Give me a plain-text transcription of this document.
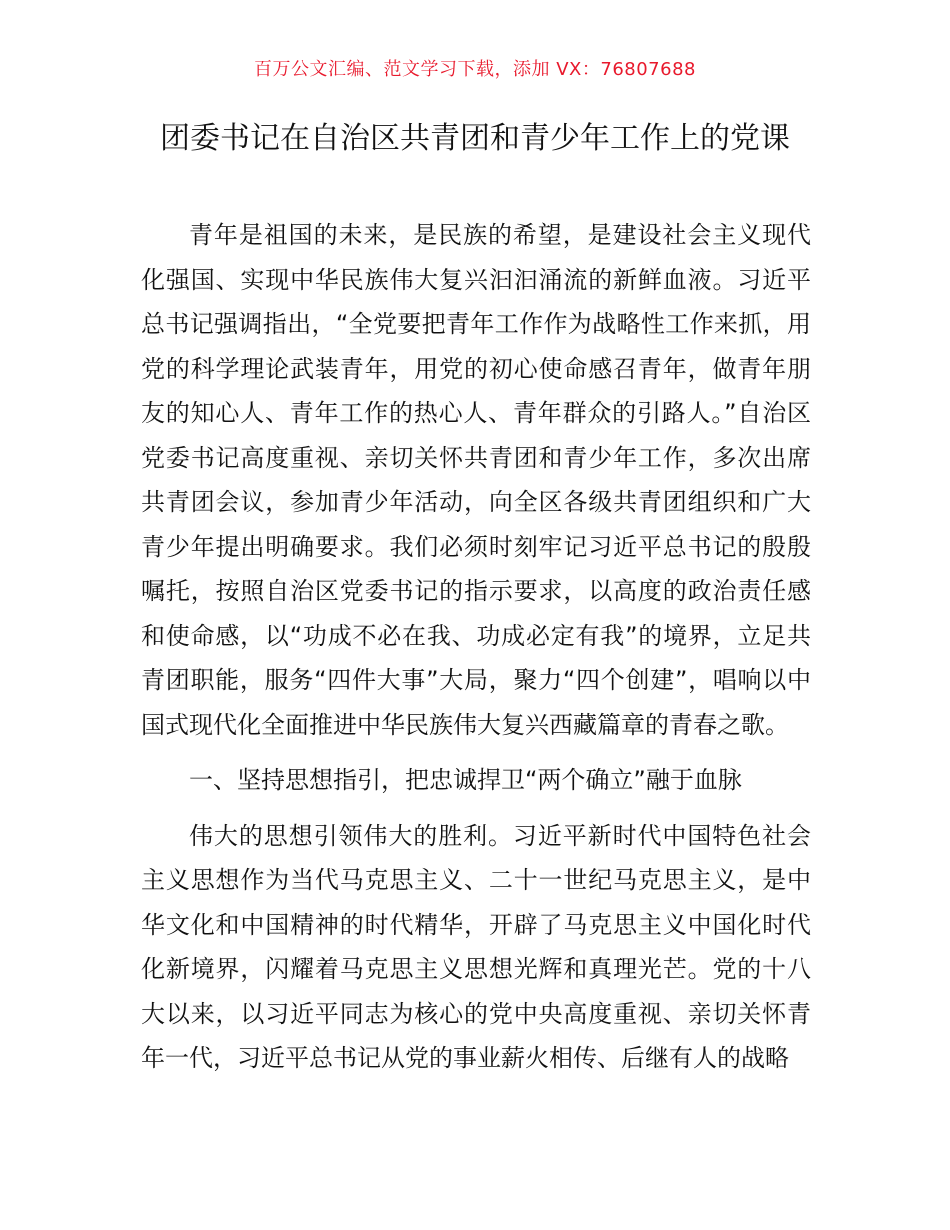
百万公文汇编、范文学习下载，添加 VX：76807688
团委书记在自治区共青团和青少年工作上的党课

青年是祖国的未来，是民族的希望，是建设社会主义现代化强国、实现中华民族伟大复兴汩汩涌流的新鲜血液。习近平总书记强调指出，“全党要把青年工作作为战略性工作来抓，用党的科学理论武装青年，用党的初心使命感召青年，做青年朋友的知心人、青年工作的热心人、青年群众的引路人。”自治区党委书记高度重视、亲切关怀共青团和青少年工作，多次出席共青团会议，参加青少年活动，向全区各级共青团组织和广大青少年提出明确要求。我们必须时刻牢记习近平总书记的殷殷嘱托，按照自治区党委书记的指示要求，以高度的政治责任感和使命感，以“功成不必在我、功成必定有我”的境界，立足共青团职能，服务“四件大事”大局，聚力“四个创建”，唱响以中国式现代化全面推进中华民族伟大复兴西藏篇章的青春之歌。

一、坚持思想指引，把忠诚捍卫“两个确立”融于血脉

伟大的思想引领伟大的胜利。习近平新时代中国特色社会主义思想作为当代马克思主义、二十一世纪马克思主义，是中华文化和中国精神的时代精华，开辟了马克思主义中国化时代化新境界，闪耀着马克思主义思想光辉和真理光芒。党的十八大以来，以习近平同志为核心的党中央高度重视、亲切关怀青年一代，习近平总书记从党的事业薪火相传、后继有人的战略
